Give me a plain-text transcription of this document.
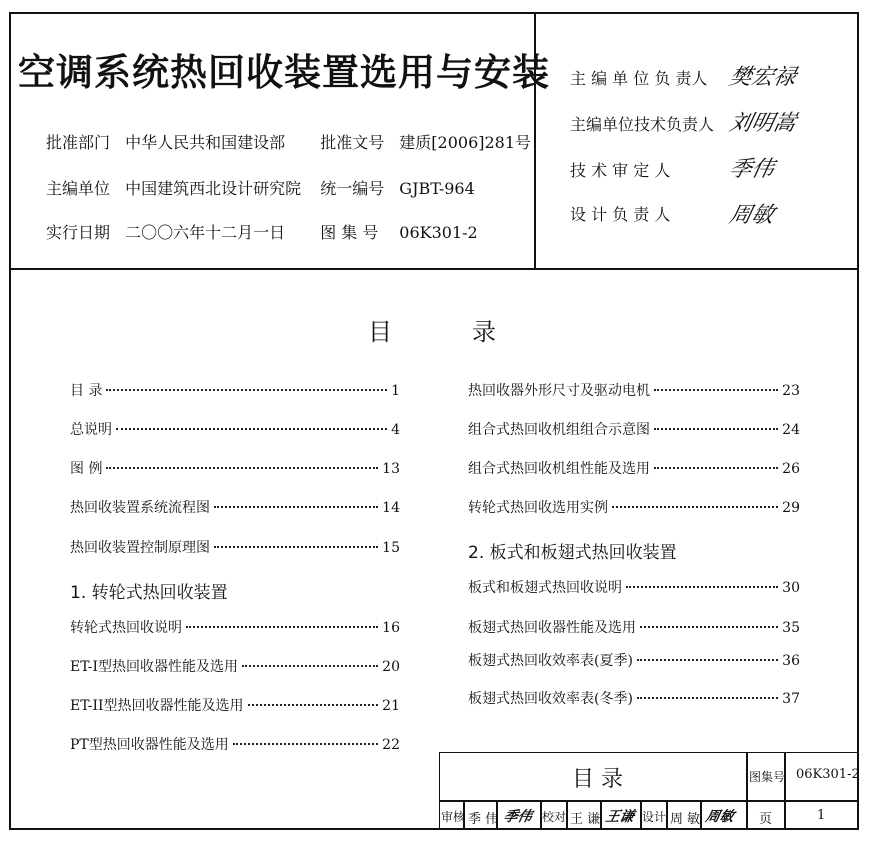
空调系统热回收装置选用与安装
批准部门 中华人民共和国建设部 批准文号 建质[2006]281号
主编单位 中国建筑西北设计研究院 统一编号 GJBT-964
实行日期 二〇〇六年十二月一日 图 集 号 06K301-2
主 编 单 位 负 责人 樊宏禄
主编单位技术负责人 刘明嵩
技 术 审 定 人	季伟
设 计 负 责 人	周敏
目	录
目 录	1
总说明	4
图 例	13
热回收装置系统流程图	14
热回收装置控制原理图	15
1. 转轮式热回收装置
转轮式热回收说明	16
ET-I型热回收器性能及选用	20
ET-II型热回收器性能及选用	21
PT型热回收器性能及选用	22
热回收器外形尺寸及驱动电机	23
组合式热回收机组组合示意图	24
组合式热回收机组性能及选用	26
转轮式热回收选用实例	29
2. 板式和板翅式热回收装置
板式和板翅式热回收说明	30
板翅式热回收器性能及选用	35
板翅式热回收效率表(夏季)	36
板翅式热回收效率表(冬季)	37
目 录	图集号 06K301-2
审核 季 伟 季伟 校对 王 谦 王谦 设计 周 敏 周敏 页	1
